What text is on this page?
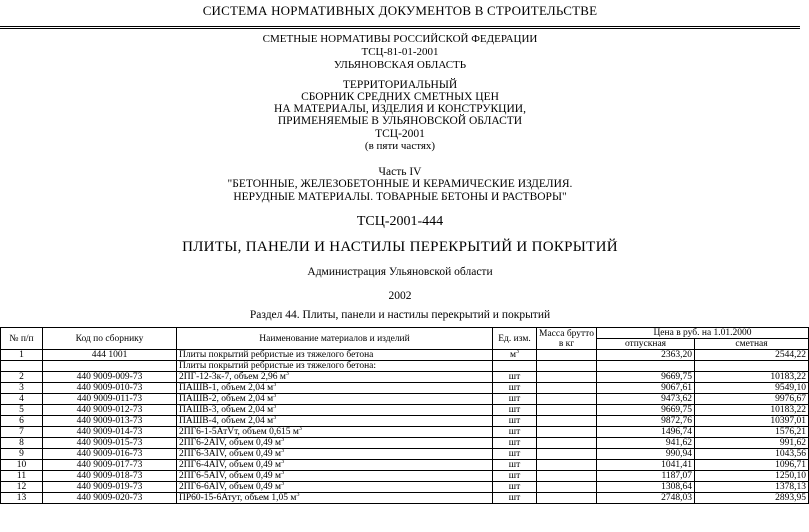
СИСТЕМА НОРМАТИВНЫХ ДОКУМЕНТОВ В СТРОИТЕЛЬСТВЕ
СМЕТНЫЕ НОРМАТИВЫ РОССИЙСКОЙ ФЕДЕРАЦИИ
ТСЦ-81-01-2001
УЛЬЯНОВСКАЯ ОБЛАСТЬ
ТЕРРИТОРИАЛЬНЫЙ
СБОРНИК СРЕДНИХ СМЕТНЫХ ЦЕН
НА МАТЕРИАЛЫ, ИЗДЕЛИЯ И КОНСТРУКЦИИ,
ПРИМЕНЯЕМЫЕ В УЛЬЯНОВСКОЙ ОБЛАСТИ
ТСЦ-2001
(в пяти частях)
Часть IV
"БЕТОННЫЕ, ЖЕЛЕЗОБЕТОННЫЕ И КЕРАМИЧЕСКИЕ ИЗДЕЛИЯ.
НЕРУДНЫЕ МАТЕРИАЛЫ. ТОВАРНЫЕ БЕТОНЫ И РАСТВОРЫ"
ТСЦ-2001-444
ПЛИТЫ, ПАНЕЛИ И НАСТИЛЫ ПЕРЕКРЫТИЙ И ПОКРЫТИЙ
Администрация Ульяновской области
2002
Раздел 44. Плиты, панели и настилы перекрытий и покрытий
№ п/п	Код по сборнику	Наименование материалов и изделий	Ед. изм.	Масса брутто в кг	Цена в руб. на 1.01.2000	
					отпускная	сметная
1	444 1001	Плиты покрытий ребристые из тяжелого бетона	$м^3$		2363,20	2544,22
		Плиты покрытий ребристые из тяжелого бетона:				
2	440 9009-009-73	2ПГ-12-3к-7, объем 2,96 $м^3$	шт		9669,75	10183,22
3	440 9009-010-73	ПАШВ-1, объем 2,04 $м^3$	шт		9067,61	9549,10
4	440 9009-011-73	ПАШВ-2, объем 2,04 $м^3$	шт		9473,62	9976,67
5	440 9009-012-73	ПАШВ-3, объем 2,04 $м^3$	шт		9669,75	10183,22
6	440 9009-013-73	ПАШВ-4, объем 2,04 $м^3$	шт		9872,76	10397,01
7	440 9009-014-73	2ПГ6-1-5АтVт, объем 0,615 $м^3$	шт		1496,74	1576,21
8	440 9009-015-73	2ПГ6-2АIV, объем 0,49 $м^3$	шт		941,62	991,62
9	440 9009-016-73	2ПГ6-3АIV, объем 0,49 $м^3$	шт		990,94	1043,56
10	440 9009-017-73	2ПГ6-4АIV, объем 0,49 $м^3$	шт		1041,41	1096,71
11	440 9009-018-73	2ПГ6-5АIV, объем 0,49 $м^3$	шт		1187,07	1250,10
12	440 9009-019-73	2ПГ6-6АIV, объем 0,49 $м^3$	шт		1308,64	1378,13
13	440 9009-020-73	ПР60-15-6Атут, объем 1,05 $м^3$	шт		2748,03	2893,95
